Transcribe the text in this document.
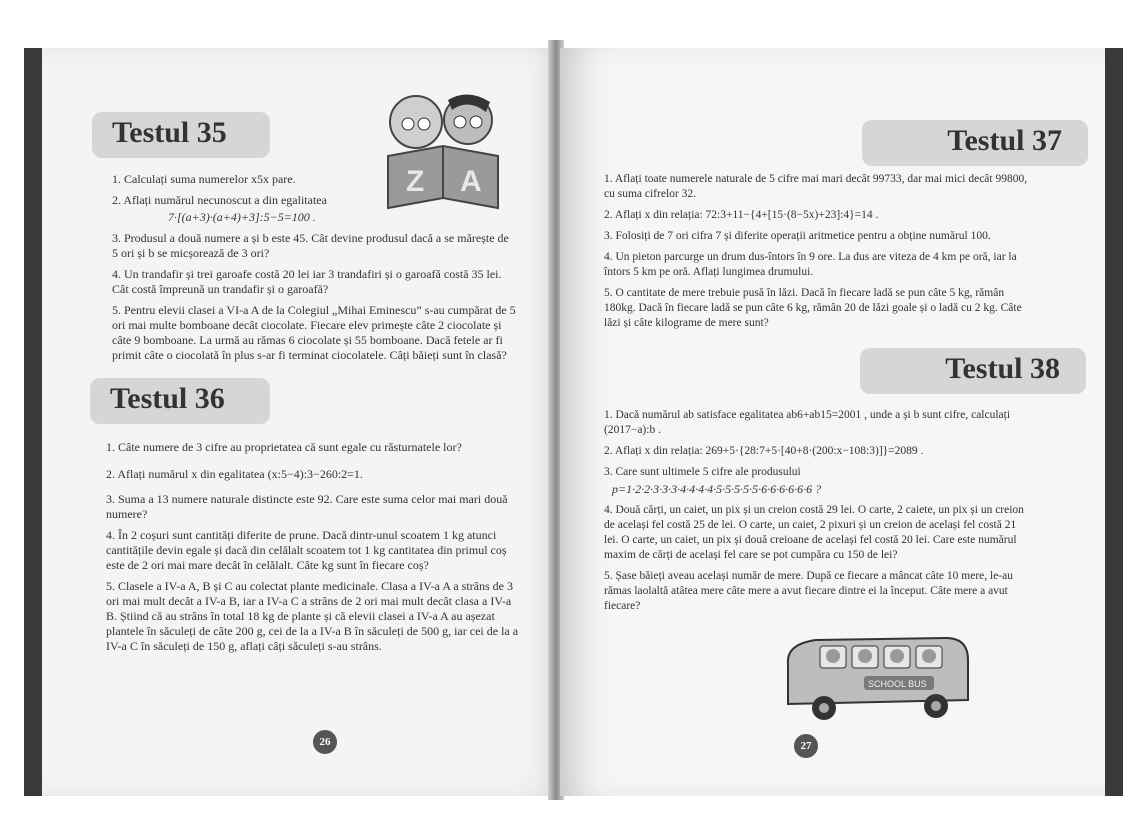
Testul 35
Z A

1. Calculați suma numerelor x5x pare.

2. Aflați numărul necunoscut a din egalitatea

7·[(a+3)·(a+4)+3]:5−5=100 .

3. Produsul a două numere a și b este 45. Cât devine produsul dacă a se mărește de 5 ori și b se micșorează de 3 ori?

4. Un trandafir și trei garoafe costă 20 lei iar 3 trandafiri și o garoafă costă 35 lei. Cât costă împreună un trandafir și o garoafă?

5. Pentru elevii clasei a VI-a A de la Colegiul „Mihai Eminescu” s-au cumpărat de 5 ori mai multe bomboane decât ciocolate. Fiecare elev primește câte 2 ciocolate și câte 9 bomboane. La urmă au rămas 6 ciocolate și 55 bomboane. Dacă fetele ar fi primit câte o ciocolată în plus s-ar fi terminat ciocolatele. Câți băieți sunt în clasă?

Testul 36

1. Câte numere de 3 cifre au proprietatea că sunt egale cu răsturnatele lor?

2. Aflați numărul x din egalitatea (x:5−4):3−260:2=1.

3. Suma a 13 numere naturale distincte este 92. Care este suma celor mai mari două numere?

4. În 2 coșuri sunt cantități diferite de prune. Dacă dintr-unul scoatem 1 kg atunci cantitățile devin egale și dacă din celălalt scoatem tot 1 kg cantitatea din primul coș este de 2 ori mai mare decât în celălalt. Câte kg sunt în fiecare coș?

5. Clasele a IV-a A, B și C au colectat plante medicinale. Clasa a IV-a A a strâns de 3 ori mai mult decât a IV-a B, iar a IV-a C a strâns de 2 ori mai mult decât clasa a IV-a B. Știind că au strâns în total 18 kg de plante și că elevii clasei a IV-a A au așezat plantele în săculeți de câte 200 g, cei de la a IV-a B în săculeți de 500 g, iar cei de la a IV-a C în săculeți de 150 g, aflați câți săculeți s-au strâns.

26
Testul 37

1. Aflați toate numerele naturale de 5 cifre mai mari decât 99733, dar mai mici decât 99800, cu suma cifrelor 32.

2. Aflați x din relația: 72:3+11−{4+[15·(8−5x)+23]:4}=14 .

3. Folosiți de 7 ori cifra 7 și diferite operații aritmetice pentru a obține numărul 100.

4. Un pieton parcurge un drum dus-întors în 9 ore. La dus are viteza de 4 km pe oră, iar la întors 5 km pe oră. Aflați lungimea drumului.

5. O cantitate de mere trebuie pusă în lăzi. Dacă în fiecare ladă se pun câte 5 kg, rămân 180kg. Dacă în fiecare ladă se pun câte 6 kg, rămân 20 de lăzi goale și o ladă cu 2 kg. Câte lăzi și câte kilograme de mere sunt?

Testul 38

1. Dacă numărul ab satisface egalitatea ab6+ab15=2001 , unde a și b sunt cifre, calculați (2017−a):b .

2. Aflați x din relația: 269+5·{28:7+5·[40+8·(200:x−108:3)]}=2089 .

3. Care sunt ultimele 5 cifre ale produsului

p=1·2·2·3·3·3·4·4·4·4·5·5·5·5·5·6·6·6·6·6·6 ?

4. Două cărți, un caiet, un pix și un creion costă 29 lei. O carte, 2 caiete, un pix și un creion de același fel costă 25 de lei. O carte, un caiet, 2 pixuri și un creion de același fel costă 21 lei. O carte, un caiet, un pix și două creioane de același fel costă 20 lei. Care este numărul maxim de cărți de același fel care se pot cumpăra cu 150 de lei?

5. Șase băieți aveau același număr de mere. După ce fiecare a mâncat câte 10 mere, le-au rămas laolaltă atâtea mere câte mere a avut fiecare dintre ei la început. Câte mere a avut fiecare?

SCHOOL BUS
27
